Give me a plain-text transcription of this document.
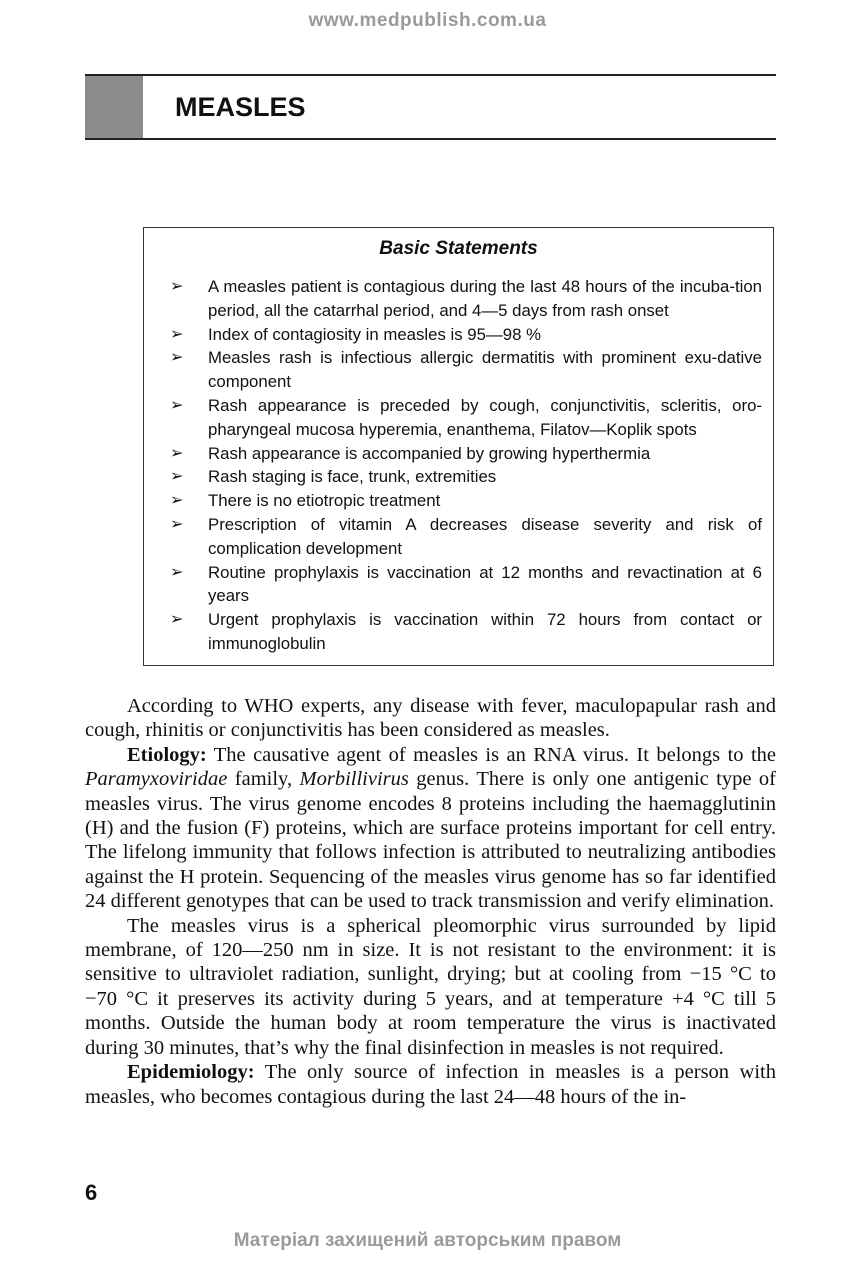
www.medpublish.com.ua
MEASLES
Basic Statements
➢ A measles patient is contagious during the last 48 hours of the incuba-tion period, all the catarrhal period, and 4—5 days from rash onset
➢ Index of contagiosity in measles is 95—98 %
➢ Measles rash is infectious allergic dermatitis with prominent exu-dative component
➢ Rash appearance is preceded by cough, conjunctivitis, scleritis, oro-pharyngeal mucosa hyperemia, enanthema, Filatov—Koplik spots
➢ Rash appearance is accompanied by growing hyperthermia
➢ Rash staging is face, trunk, extremities
➢ There is no etiotropic treatment
➢ Prescription of vitamin A decreases disease severity and risk of complication development
➢ Routine prophylaxis is vaccination at 12 months and revactination at 6 years
➢ Urgent prophylaxis is vaccination within 72 hours from contact or immunoglobulin

According to WHO experts, any disease with fever, maculopapular rash and cough, rhinitis or conjunctivitis has been considered as measles.

Etiology: The causative agent of measles is an RNA virus. It belongs to the Paramyxoviridae family, Morbillivirus genus. There is only one antigenic type of measles virus. The virus genome encodes 8 proteins including the haemagglutinin (H) and the fusion (F) proteins, which are surface proteins important for cell entry. The lifelong immunity that follows infection is attributed to neutralizing antibodies against the H protein. Sequencing of the measles virus genome has so far identified 24 different genotypes that can be used to track transmission and verify elimination.

The measles virus is a spherical pleomorphic virus surrounded by lipid membrane, of 120—250 nm in size. It is not resistant to the environment: it is sensitive to ultraviolet radiation, sunlight, drying; but at cooling from −15 °C to −70 °C it preserves its activity during 5 years, and at temperature +4 °C till 5 months. Outside the human body at room temperature the virus is inactivated during 30 minutes, that’s why the final disinfection in measles is not required.

Epidemiology: The only source of infection in measles is a person with measles, who becomes contagious during the last 24—48 hours of the in-

6
Матеріал захищений авторським правом
